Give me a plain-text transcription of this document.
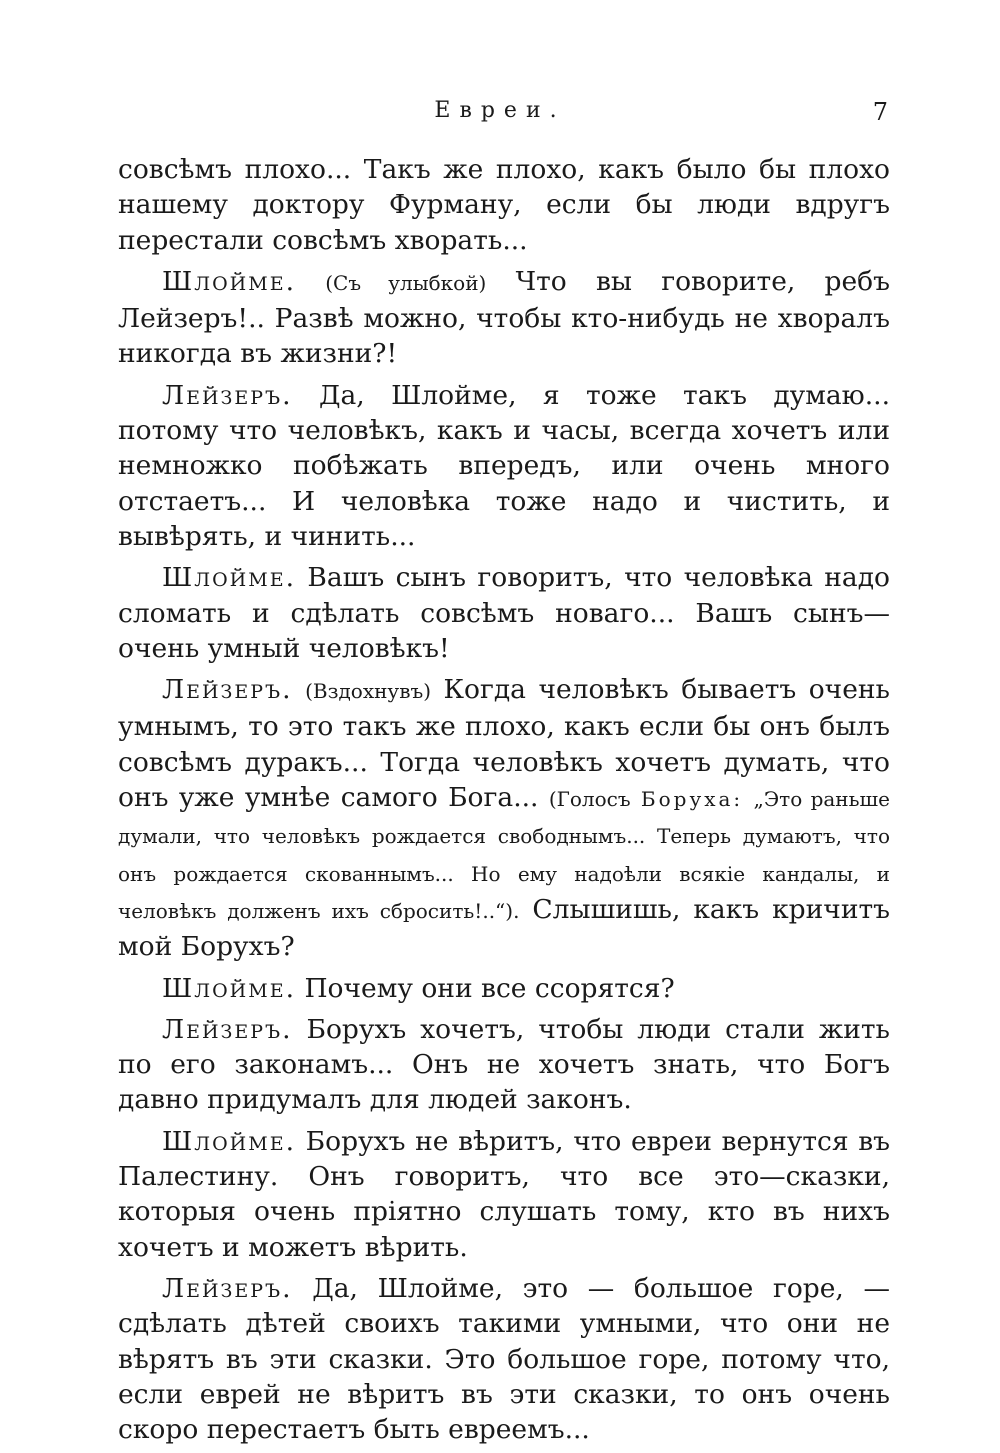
Евреи.	7

совсѣмъ плохо... Такъ же плохо, какъ было бы плохо нашему доктору Фурману, если бы люди вдругъ перестали совсѣмъ хворать...

Шлойме. (Съ улыбкой) Что вы говорите, ребъ Лейзеръ!.. Развѣ можно, чтобы кто-нибудь не хворалъ никогда въ жизни?!

Лейзеръ. Да, Шлойме, я тоже такъ думаю... потому что человѣкъ, какъ и часы, всегда хочетъ или немножко побѣжать впередъ, или очень много отстаетъ... И человѣка тоже надо и чистить, и вывѣрять, и чинить...

Шлойме. Вашъ сынъ говоритъ, что человѣка надо сломать и сдѣлать совсѣмъ новаго... Вашъ сынъ—очень умный человѣкъ!

Лейзеръ. (Вздохнувъ) Когда человѣкъ бываетъ очень умнымъ, то это такъ же плохо, какъ если бы онъ былъ совсѣмъ дуракъ... Тогда человѣкъ хочетъ думать, что онъ уже умнѣе самого Бога... (Голосъ Боруха: „Это раньше думали, что человѣкъ рождается свободнымъ... Теперь думаютъ, что онъ рождается скованнымъ... Но ему надоѣли всякіе кандалы, и человѣкъ долженъ ихъ сбросить!..“). Слышишь, какъ кричитъ мой Борухъ?

Шлойме. Почему они все ссорятся?

Лейзеръ. Борухъ хочетъ, чтобы люди стали жить по его законамъ... Онъ не хочетъ знать, что Богъ давно придумалъ для людей законъ.

Шлойме. Борухъ не вѣритъ, что евреи вернутся въ Палестину. Онъ говоритъ, что все это—сказки, которыя очень пріятно слушать тому, кто въ нихъ хочетъ и можетъ вѣрить.

Лейзеръ. Да, Шлойме, это — большое горе, — сдѣлать дѣтей своихъ такими умными, что они не вѣрятъ въ эти сказки. Это большое горе, потому что, если еврей не вѣритъ въ эти сказки, то онъ очень скоро перестаетъ быть евреемъ...
